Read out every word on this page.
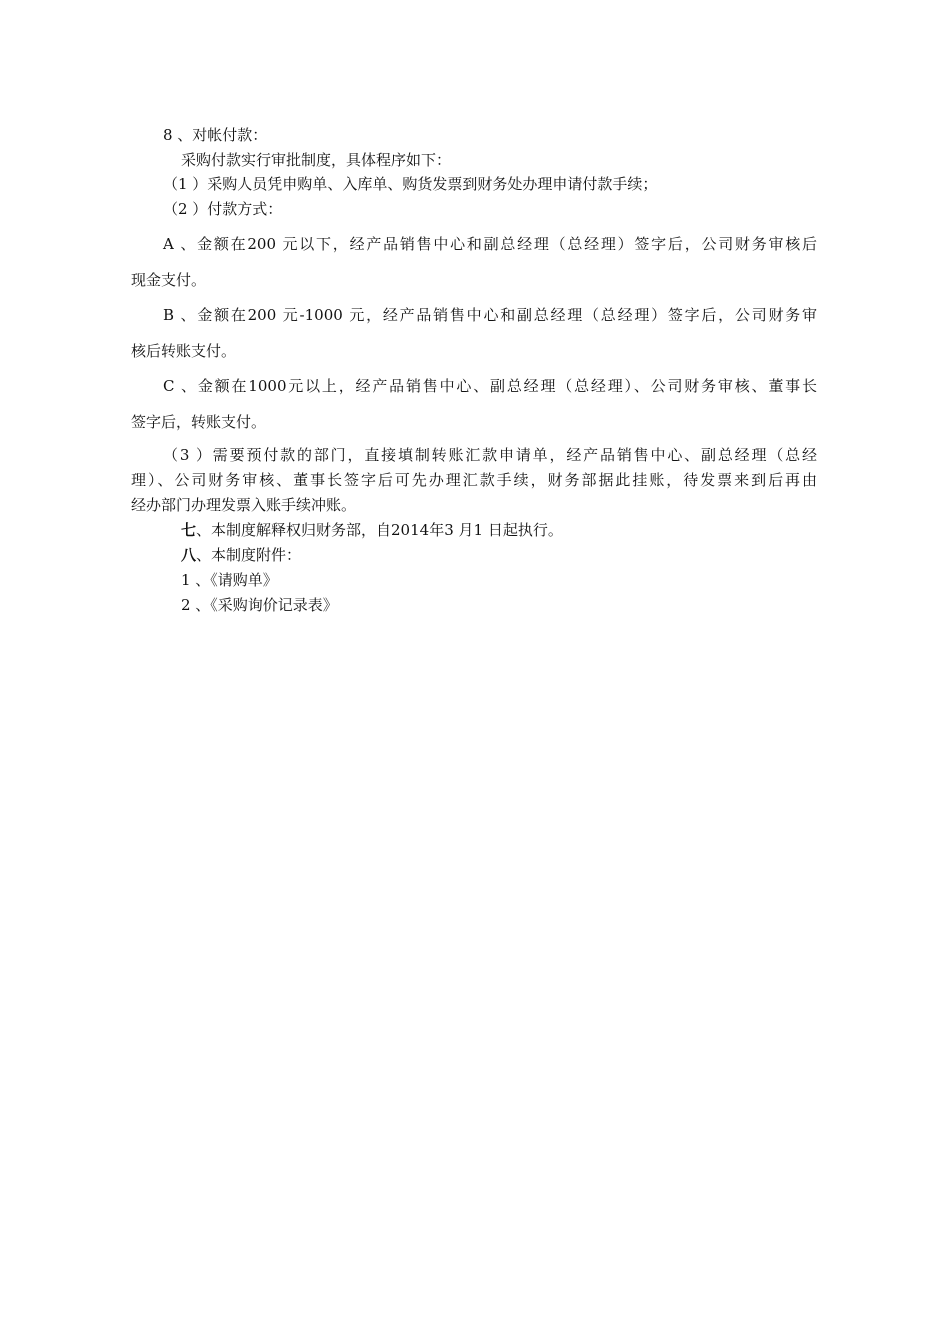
8 、对帐付款：
采购付款实行审批制度，具体程序如下：
（1 ）采购人员凭申购单、入库单、购货发票到财务处办理申请付款手续；
（2 ）付款方式：
A 、金额在200 元以下，经产品销售中心和副总经理（总经理）签字后，公司财务审核后
现金支付。
B 、金额在200 元-1000 元，经产品销售中心和副总经理（总经理）签字后，公司财务审
核后转账支付。
C 、金额在1000元以上，经产品销售中心、副总经理（总经理）、公司财务审核、董事长
签字后，转账支付。
（3 ）需要预付款的部门，直接填制转账汇款申请单，经产品销售中心、副总经理（总经
理）、公司财务审核、董事长签字后可先办理汇款手续，财务部据此挂账，待发票来到后再由
经办部门办理发票入账手续冲账。
七、本制度解释权归财务部，自2014年3 月1 日起执行。
八、本制度附件：
1 、《请购单》
2 、《采购询价记录表》
